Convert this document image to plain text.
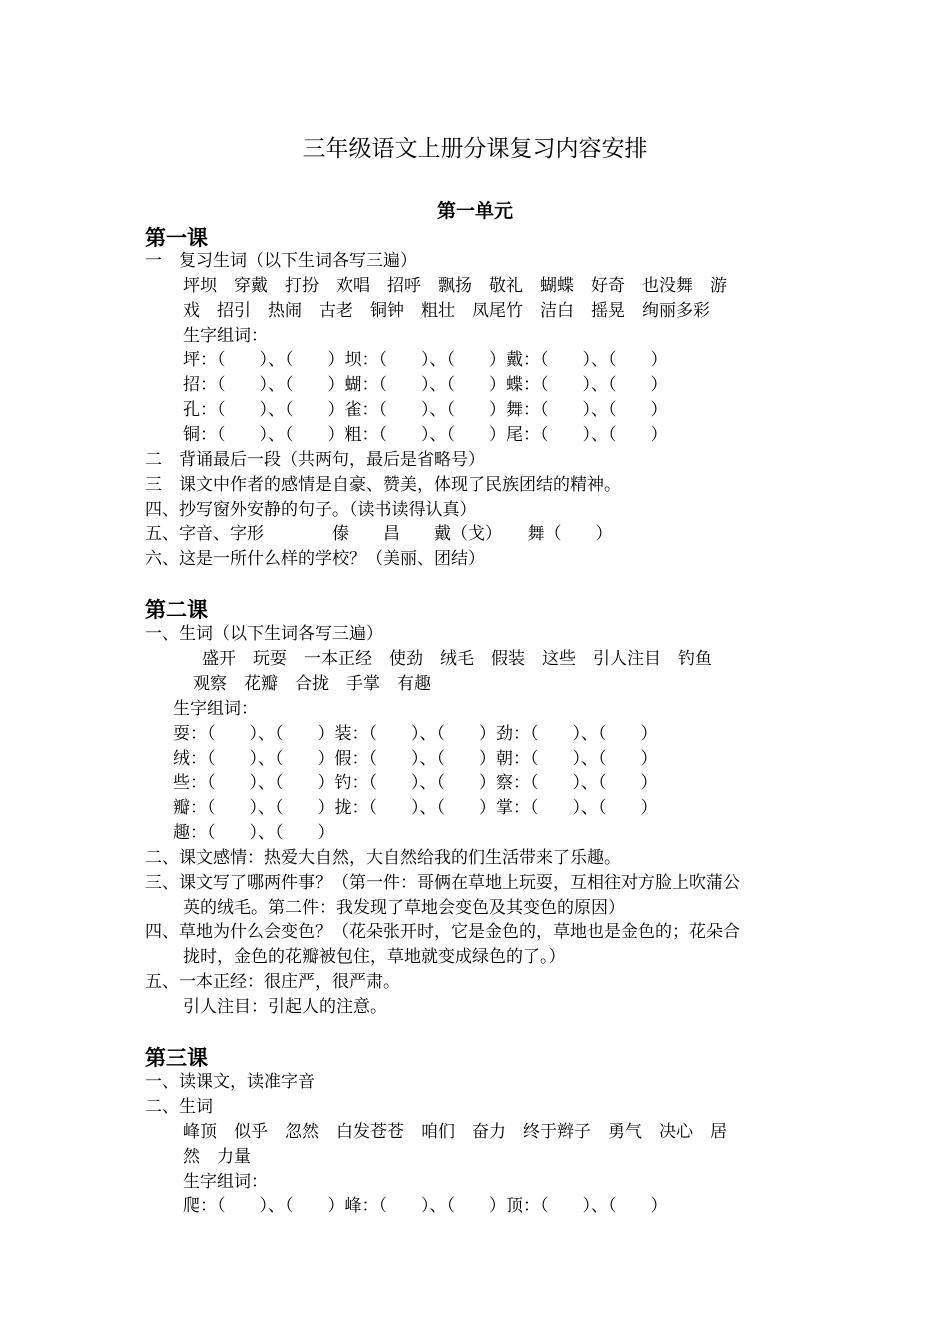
三年级语文上册分课复习内容安排
第一单元
第一课
一　复习生词（以下生词各写三遍）
坪坝　穿戴　打扮　欢唱　招呼　飘扬　敬礼　蝴蝶　好奇　也没舞　游
戏　招引　热闹　古老　铜钟　粗壮　凤尾竹　洁白　摇晃　绚丽多彩
生字组词：
坪：（　　）、（　　）坝：（　　）、（　　）戴：（　　）、（　　）
招：（　　）、（　　）蝴：（　　）、（　　）蝶：（　　）、（　　）
孔：（　　）、（　　）雀：（　　）、（　　）舞：（　　）、（　　）
铜：（　　）、（　　）粗：（　　）、（　　）尾：（　　）、（　　）
二　背诵最后一段（共两句，最后是省略号）
三　课文中作者的感情是自豪、赞美，体现了民族团结的精神。
四、抄写窗外安静的句子。（读书读得认真）
五、字音、字形　　　　傣　　昌　　戴（戈）　　舞（　　）
六、这是一所什么样的学校？（美丽、团结）
第二课
一、生词（以下生词各写三遍）
盛开　玩耍　一本正经　使劲　绒毛　假装　这些　引人注目　钓鱼
观察　花瓣　合拢　手掌　有趣
生字组词：
耍：（　　）、（　　）装：（　　）、（　　）劲：（　　）、（　　）
绒：（　　）、（　　）假：（　　）、（　　）朝：（　　）、（　　）
些：（　　）、（　　）钓：（　　）、（　　）察：（　　）、（　　）
瓣：（　　）、（　　）拢：（　　）、（　　）掌：（　　）、（　　）
趣：（　　）、（　　）
二、课文感情：热爱大自然，大自然给我的们生活带来了乐趣。
三、课文写了哪两件事？（第一件：哥俩在草地上玩耍，互相往对方脸上吹蒲公
英的绒毛。第二件：我发现了草地会变色及其变色的原因）
四、草地为什么会变色？（花朵张开时，它是金色的，草地也是金色的；花朵合
拢时，金色的花瓣被包住，草地就变成绿色的了。）
五、一本正经：很庄严，很严肃。
引人注目：引起人的注意。
第三课
一、读课文，读准字音
二、生词
峰顶　似乎　忽然　白发苍苍　咱们　奋力　终于辫子　勇气　决心　居
然　力量
生字组词：
爬：（　　）、（　　）峰：（　　）、（　　）顶：（　　）、（　　）
